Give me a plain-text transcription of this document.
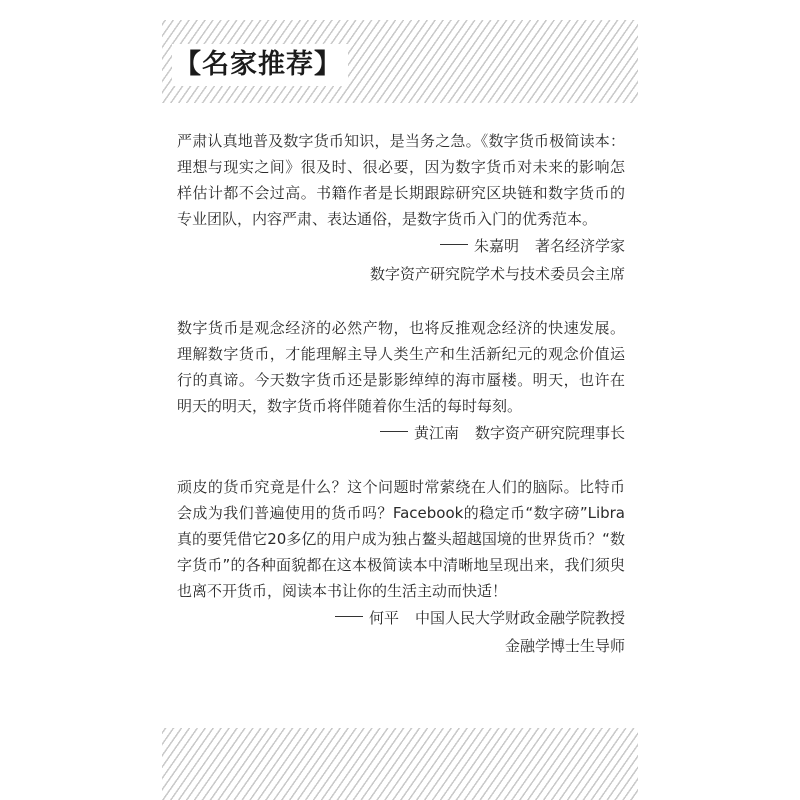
【名家推荐】

严肃认真地普及数字货币知识，是当务之急。《数字货币极简读本：理想与现实之间》很及时、很必要，因为数字货币对未来的影响怎样估计都不会过高。书籍作者是长期跟踪研究区块链和数字货币的专业团队，内容严肃、表达通俗，是数字货币入门的优秀范本。

朱嘉明 著名经济学家
数字资产研究院学术与技术委员会主席

数字货币是观念经济的必然产物，也将反推观念经济的快速发展。理解数字货币，才能理解主导人类生产和生活新纪元的观念价值运行的真谛。今天数字货币还是影影绰绰的海市蜃楼。明天，也许在明天的明天，数字货币将伴随着你生活的每时每刻。

黄江南 数字资产研究院理事长

顽皮的货币究竟是什么？这个问题时常萦绕在人们的脑际。比特币会成为我们普遍使用的货币吗？Facebook的稳定币“数字磅”Libra真的要凭借它20多亿的用户成为独占鳌头超越国境的世界货币？“数字货币”的各种面貌都在这本极简读本中清晰地呈现出来，我们须臾也离不开货币，阅读本书让你的生活主动而快适！

何平 中国人民大学财政金融学院教授
金融学博士生导师
